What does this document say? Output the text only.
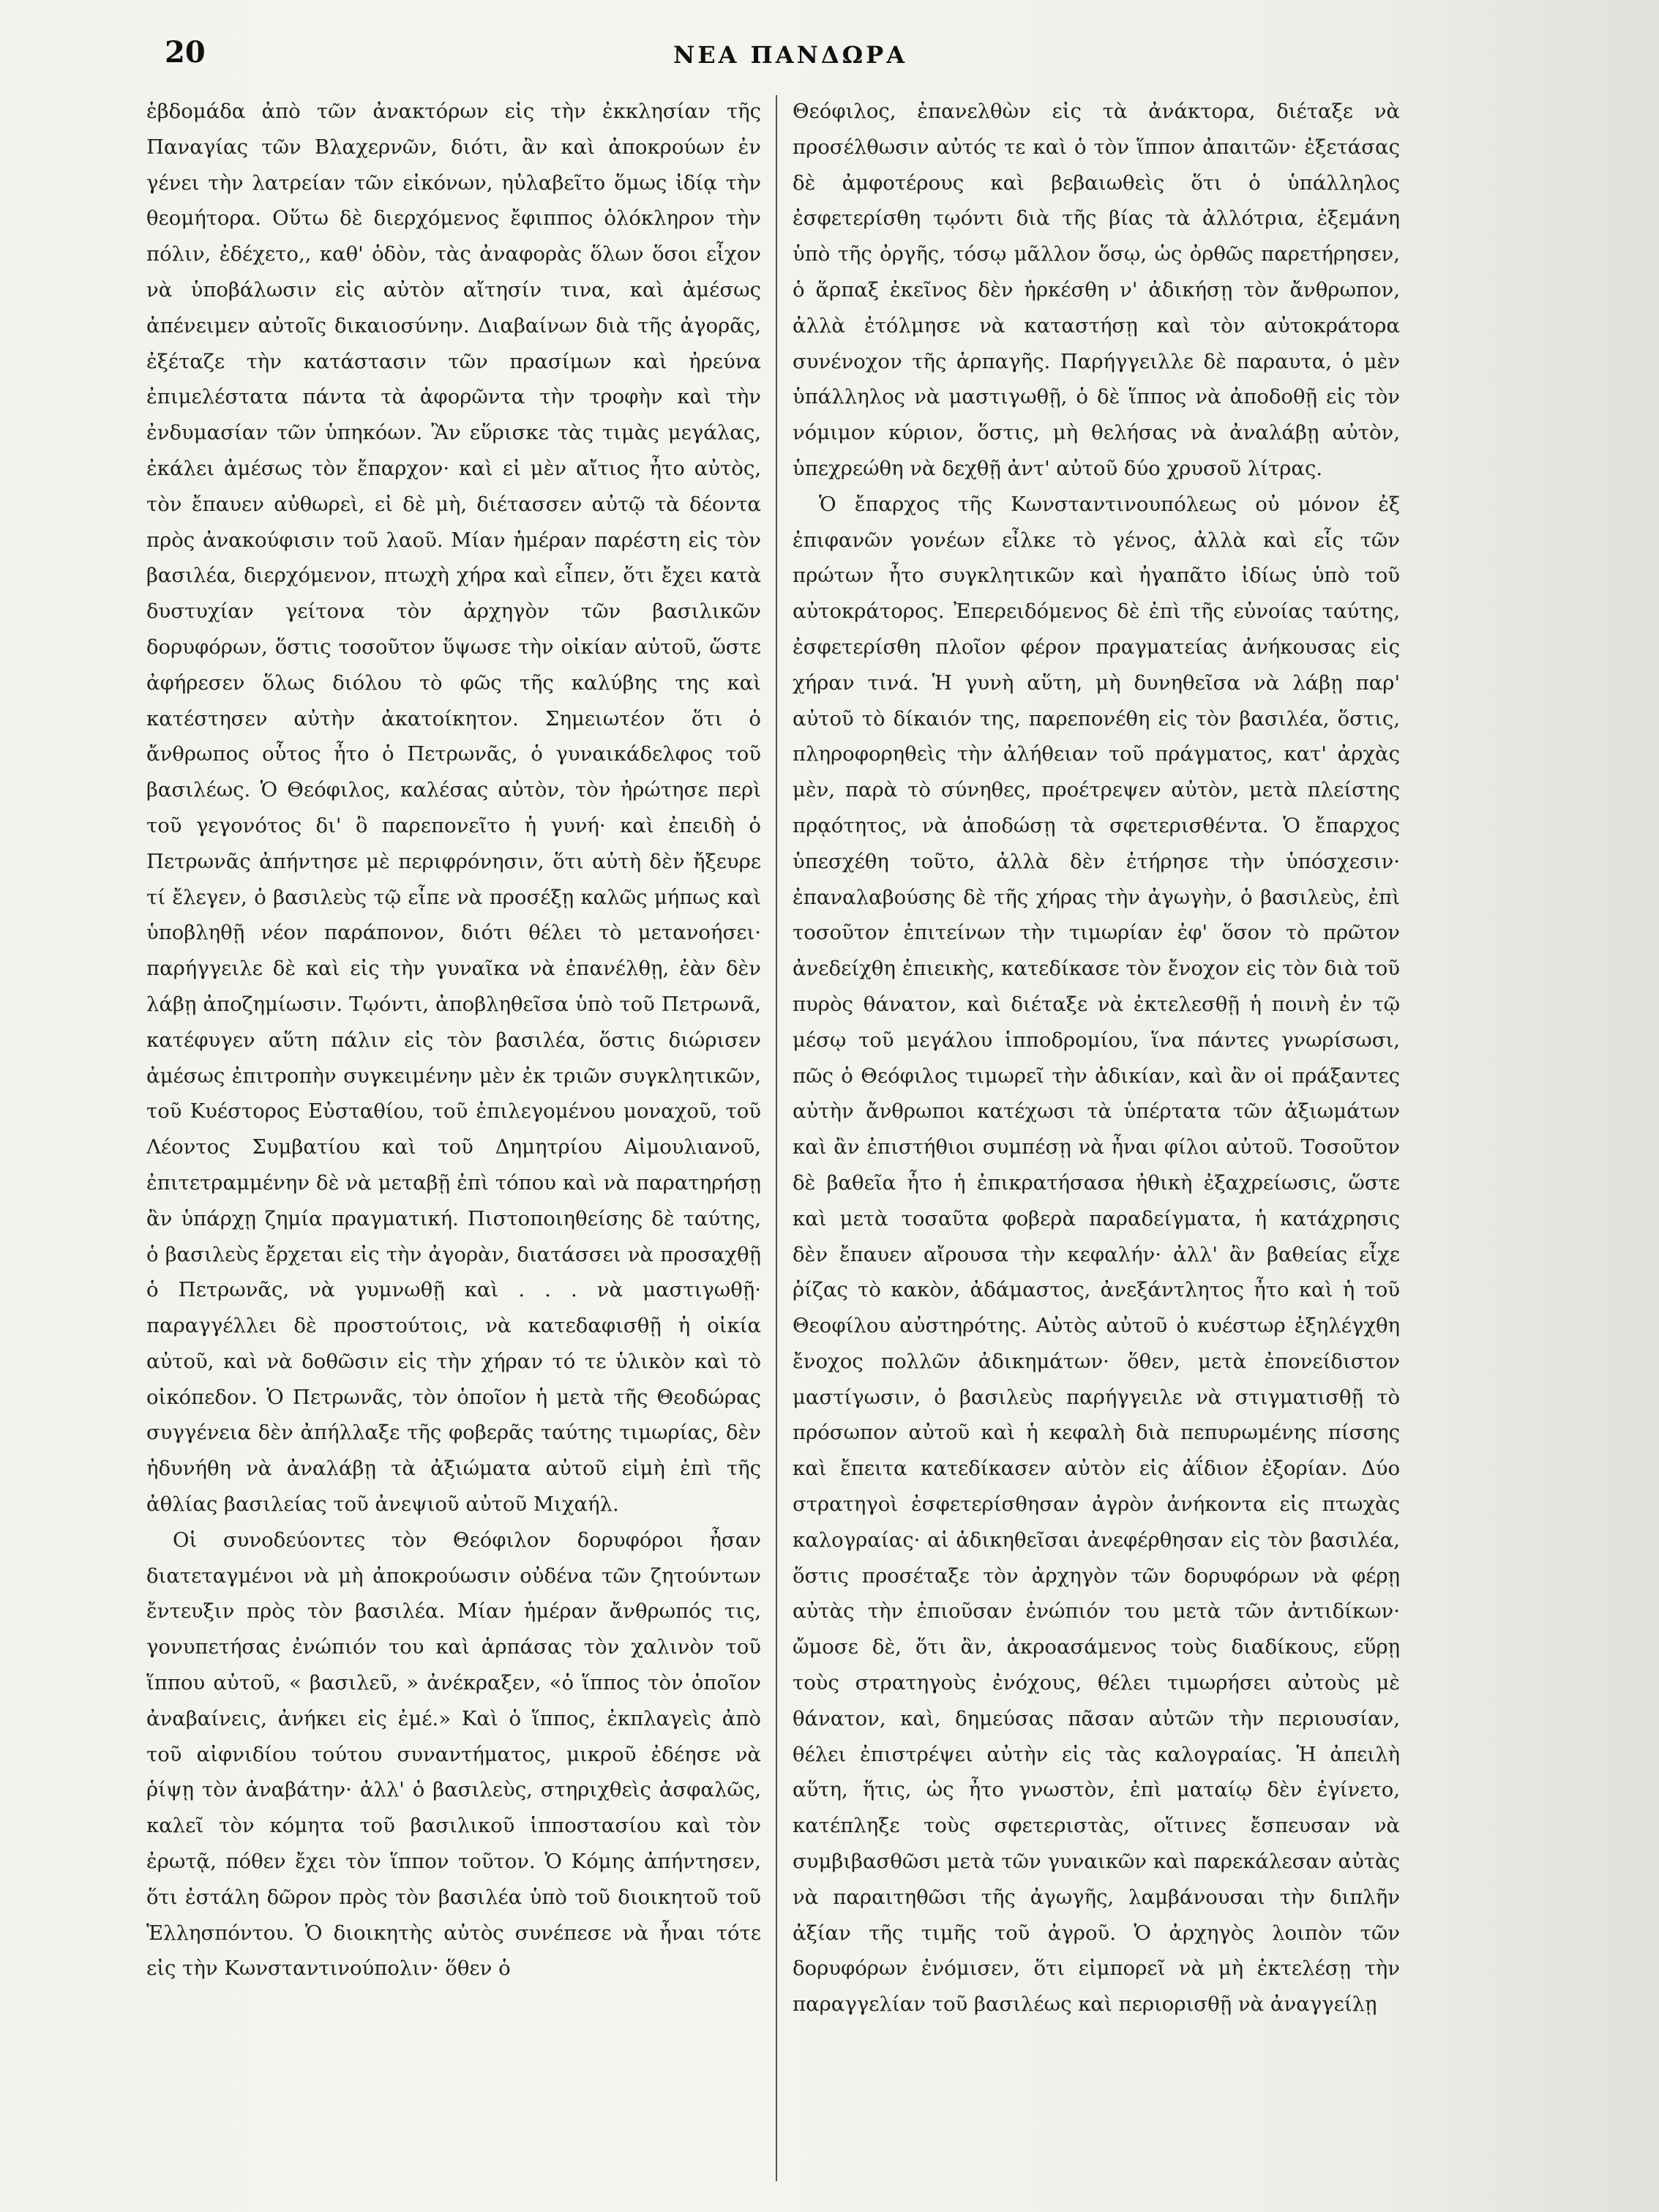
20	ΝΕΑ ΠΑΝΔΩΡΑ

ἑβδομάδα ἀπὸ τῶν ἀνακτόρων εἰς τὴν ἐκκλησίαν τῆς Παναγίας τῶν Βλαχερνῶν, διότι, ἂν καὶ ἀποκρούων ἐν γένει τὴν λατρείαν τῶν εἰκόνων, ηὐλαβεῖτο ὅμως ἰδίᾳ τὴν θεομήτορα. Οὕτω δὲ διερχόμενος ἔφιππος ὁλόκληρον τὴν πόλιν, ἐδέχετο,, καθ' ὁδὸν, τὰς ἀναφορὰς ὅλων ὅσοι εἶχον νὰ ὑποβάλωσιν εἰς αὐτὸν αἴτησίν τινα, καὶ ἀμέσως ἀπένειμεν αὐτοῖς δικαιοσύνην. Διαβαίνων διὰ τῆς ἀγορᾶς, ἐξέταζε τὴν κατάστασιν τῶν πρασίμων καὶ ἠρεύνα ἐπιμελέστατα πάντα τὰ ἀφορῶντα τὴν τροφὴν καὶ τὴν ἐνδυμασίαν τῶν ὑπηκόων. Ἂν εὕρισκε τὰς τιμὰς μεγάλας, ἐκάλει ἀμέσως τὸν ἔπαρχον· καὶ εἰ μὲν αἴτιος ἦτο αὐτὸς, τὸν ἔπαυεν αὐθωρεὶ, εἰ δὲ μὴ, διέτασσεν αὐτῷ τὰ δέοντα πρὸς ἀνακούφισιν τοῦ λαοῦ. Μίαν ἡμέραν παρέστη εἰς τὸν βασιλέα, διερχόμενον, πτωχὴ χήρα καὶ εἶπεν, ὅτι ἔχει κατὰ δυστυχίαν γείτονα τὸν ἀρχηγὸν τῶν βασιλικῶν δορυφόρων, ὅστις τοσοῦτον ὕψωσε τὴν οἰκίαν αὐτοῦ, ὥστε ἀφήρεσεν ὅλως διόλου τὸ φῶς τῆς καλύβης της καὶ κατέστησεν αὐτὴν ἀκατοίκητον. Σημειωτέον ὅτι ὁ ἄνθρωπος οὗτος ἦτο ὁ Πετρωνᾶς, ὁ γυναικάδελφος τοῦ βασιλέως. Ὁ Θεόφιλος, καλέσας αὐτὸν, τὸν ἠρώτησε περὶ τοῦ γεγονότος δι' ὃ παρεπονεῖτο ἡ γυνή· καὶ ἐπειδὴ ὁ Πετρωνᾶς ἀπήντησε μὲ περιφρόνησιν, ὅτι αὐτὴ δὲν ἤξευρε τί ἔλεγεν, ὁ βασιλεὺς τῷ εἶπε νὰ προσέξῃ καλῶς μήπως καὶ ὑποβληθῇ νέον παράπονον, διότι θέλει τὸ μετανοήσει· παρήγγειλε δὲ καὶ εἰς τὴν γυναῖκα νὰ ἐπανέλθῃ, ἐὰν δὲν λάβῃ ἀποζημίωσιν. Τῳόντι, ἀποβληθεῖσα ὑπὸ τοῦ Πετρωνᾶ, κατέφυγεν αὕτη πάλιν εἰς τὸν βασιλέα, ὅστις διώρισεν ἀμέσως ἐπιτροπὴν συγκειμένην μὲν ἐκ τριῶν συγκλητικῶν, τοῦ Κυέστορος Εὐσταθίου, τοῦ ἐπιλεγομένου μοναχοῦ, τοῦ Λέοντος Συμβατίου καὶ τοῦ Δημητρίου Αἰμουλιανοῦ, ἐπιτετραμμένην δὲ νὰ μεταβῇ ἐπὶ τόπου καὶ νὰ παρατηρήσῃ ἂν ὑπάρχῃ ζημία πραγματική. Πιστοποιηθείσης δὲ ταύτης, ὁ βασιλεὺς ἔρχεται εἰς τὴν ἀγορὰν, διατάσσει νὰ προσαχθῇ ὁ Πετρωνᾶς, νὰ γυμνωθῇ καὶ . . . νὰ μαστιγωθῇ· παραγγέλλει δὲ προστούτοις, νὰ κατεδαφισθῇ ἡ οἰκία αὐτοῦ, καὶ νὰ δοθῶσιν εἰς τὴν χήραν τό τε ὑλικὸν καὶ τὸ οἰκόπεδον. Ὁ Πετρωνᾶς, τὸν ὁποῖον ἡ μετὰ τῆς Θεοδώρας συγγένεια δὲν ἀπήλλαξε τῆς φοβερᾶς ταύτης τιμωρίας, δὲν ἠδυνήθη νὰ ἀναλάβῃ τὰ ἀξιώματα αὐτοῦ εἰμὴ ἐπὶ τῆς ἀθλίας βασιλείας τοῦ ἀνεψιοῦ αὐτοῦ Μιχαήλ.

Οἱ συνοδεύοντες τὸν Θεόφιλον δορυφόροι ἦσαν διατεταγμένοι νὰ μὴ ἀποκρούωσιν οὐδένα τῶν ζητούντων ἔντευξιν πρὸς τὸν βασιλέα. Μίαν ἡμέραν ἄνθρωπός τις, γονυπετήσας ἐνώπιόν του καὶ ἁρπάσας τὸν χαλινὸν τοῦ ἵππου αὐτοῦ, « βασιλεῦ, » ἀνέκραξεν, «ὁ ἵππος τὸν ὁποῖον ἀναβαίνεις, ἀνήκει εἰς ἐμέ.» Καὶ ὁ ἵππος, ἐκπλαγεὶς ἀπὸ τοῦ αἰφνιδίου τούτου συναντήματος, μικροῦ ἐδέησε νὰ ῥίψῃ τὸν ἀναβάτην· ἀλλ' ὁ βασιλεὺς, στηριχθεὶς ἀσφαλῶς, καλεῖ τὸν κόμητα τοῦ βασιλικοῦ ἱπποστασίου καὶ τὸν ἐρωτᾷ, πόθεν ἔχει τὸν ἵππον τοῦτον. Ὁ Κόμης ἀπήντησεν, ὅτι ἐστάλη δῶρον πρὸς τὸν βασιλέα ὑπὸ τοῦ διοικητοῦ τοῦ Ἑλλησπόντου. Ὁ διοικητὴς αὐτὸς συνέπεσε νὰ ἦναι τότε εἰς τὴν Κωνσταντινούπολιν· ὅθεν ὁ

Θεόφιλος, ἐπανελθὼν εἰς τὰ ἀνάκτορα, διέταξε νὰ προσέλθωσιν αὐτός τε καὶ ὁ τὸν ἵππον ἀπαιτῶν· ἐξετάσας δὲ ἀμφοτέρους καὶ βεβαιωθεὶς ὅτι ὁ ὑπάλληλος ἐσφετερίσθη τῳόντι διὰ τῆς βίας τὰ ἀλλότρια, ἐξεμάνη ὑπὸ τῆς ὀργῆς, τόσῳ μᾶλλον ὅσῳ, ὡς ὀρθῶς παρετήρησεν, ὁ ἅρπαξ ἐκεῖνος δὲν ἠρκέσθη ν' ἀδικήσῃ τὸν ἄνθρωπον, ἀλλὰ ἐτόλμησε νὰ καταστήσῃ καὶ τὸν αὐτοκράτορα συνένοχον τῆς ἁρπαγῆς. Παρήγγειλλε δὲ παραυτα, ὁ μὲν ὑπάλληλος νὰ μαστιγωθῇ, ὁ δὲ ἵππος νὰ ἀποδοθῇ εἰς τὸν νόμιμον κύριον, ὅστις, μὴ θελήσας νὰ ἀναλάβῃ αὐτὸν, ὑπεχρεώθη νὰ δεχθῇ ἀντ' αὐτοῦ δύο χρυσοῦ λίτρας.

Ὁ ἔπαρχος τῆς Κωνσταντινουπόλεως οὐ μόνον ἐξ ἐπιφανῶν γονέων εἶλκε τὸ γένος, ἀλλὰ καὶ εἷς τῶν πρώτων ἦτο συγκλητικῶν καὶ ἠγαπᾶτο ἰδίως ὑπὸ τοῦ αὐτοκράτορος. Ἐπερειδόμενος δὲ ἐπὶ τῆς εὐνοίας ταύτης, ἐσφετερίσθη πλοῖον φέρον πραγματείας ἀνήκουσας εἰς χήραν τινά. Ἡ γυνὴ αὕτη, μὴ δυνηθεῖσα νὰ λάβῃ παρ' αὐτοῦ τὸ δίκαιόν της, παρεπονέθη εἰς τὸν βασιλέα, ὅστις, πληροφορηθεὶς τὴν ἀλήθειαν τοῦ πράγματος, κατ' ἀρχὰς μὲν, παρὰ τὸ σύνηθες, προέτρεψεν αὐτὸν, μετὰ πλείστης πρᾳότητος, νὰ ἀποδώσῃ τὰ σφετερισθέντα. Ὁ ἔπαρχος ὑπεσχέθη τοῦτο, ἀλλὰ δὲν ἐτήρησε τὴν ὑπόσχεσιν· ἐπαναλαβούσης δὲ τῆς χήρας τὴν ἀγωγὴν, ὁ βασιλεὺς, ἐπὶ τοσοῦτον ἐπιτείνων τὴν τιμωρίαν ἐφ' ὅσον τὸ πρῶτον ἀνεδείχθη ἐπιεικὴς, κατεδίκασε τὸν ἔνοχον εἰς τὸν διὰ τοῦ πυρὸς θάνατον, καὶ διέταξε νὰ ἐκτελεσθῇ ἡ ποινὴ ἐν τῷ μέσῳ τοῦ μεγάλου ἱπποδρομίου, ἵνα πάντες γνωρίσωσι, πῶς ὁ Θεόφιλος τιμωρεῖ τὴν ἀδικίαν, καὶ ἂν οἱ πράξαντες αὐτὴν ἄνθρωποι κατέχωσι τὰ ὑπέρτατα τῶν ἀξιωμάτων καὶ ἂν ἐπιστήθιοι συμπέσῃ νὰ ἦναι φίλοι αὐτοῦ. Τοσοῦτον δὲ βαθεῖα ἦτο ἡ ἐπικρατήσασα ἠθικὴ ἐξαχρείωσις, ὥστε καὶ μετὰ τοσαῦτα φοβερὰ παραδείγματα, ἡ κατάχρησις δὲν ἔπαυεν αἴρουσα τὴν κεφαλήν· ἀλλ' ἂν βαθείας εἶχε ῥίζας τὸ κακὸν, ἀδάμαστος, ἀνεξάντλητος ἦτο καὶ ἡ τοῦ Θεοφίλου αὐστηρότης. Αὐτὸς αὐτοῦ ὁ κυέστωρ ἐξηλέγχθη ἔνοχος πολλῶν ἀδικημάτων· ὅθεν, μετὰ ἐπονείδιστον μαστίγωσιν, ὁ βασιλεὺς παρήγγειλε νὰ στιγματισθῇ τὸ πρόσωπον αὐτοῦ καὶ ἡ κεφαλὴ διὰ πεπυρωμένης πίσσης καὶ ἔπειτα κατεδίκασεν αὐτὸν εἰς ἀΐδιον ἐξορίαν. Δύο στρατηγοὶ ἐσφετερίσθησαν ἀγρὸν ἀνήκοντα εἰς πτωχὰς καλογραίας· αἱ ἀδικηθεῖσαι ἀνεφέρθησαν εἰς τὸν βασιλέα, ὅστις προσέταξε τὸν ἀρχηγὸν τῶν δορυφόρων νὰ φέρῃ αὐτὰς τὴν ἐπιοῦσαν ἐνώπιόν του μετὰ τῶν ἀντιδίκων· ὤμοσε δὲ, ὅτι ἂν, ἀκροασάμενος τοὺς διαδίκους, εὕρῃ τοὺς στρατηγοὺς ἐνόχους, θέλει τιμωρήσει αὐτοὺς μὲ θάνατον, καὶ, δημεύσας πᾶσαν αὐτῶν τὴν περιουσίαν, θέλει ἐπιστρέψει αὐτὴν εἰς τὰς καλογραίας. Ἡ ἀπειλὴ αὕτη, ἥτις, ὡς ἦτο γνωστὸν, ἐπὶ ματαίῳ δὲν ἐγίνετο, κατέπληξε τοὺς σφετεριστὰς, οἵτινες ἔσπευσαν νὰ συμβιβασθῶσι μετὰ τῶν γυναικῶν καὶ παρεκάλεσαν αὐτὰς νὰ παραιτηθῶσι τῆς ἀγωγῆς, λαμβάνουσαι τὴν διπλῆν ἀξίαν τῆς τιμῆς τοῦ ἀγροῦ. Ὁ ἀρχηγὸς λοιπὸν τῶν δορυφόρων ἐνόμισεν, ὅτι εἰμπορεῖ νὰ μὴ ἐκτελέσῃ τὴν παραγγελίαν τοῦ βασιλέως καὶ περιορισθῇ νὰ ἀναγγείλῃ
